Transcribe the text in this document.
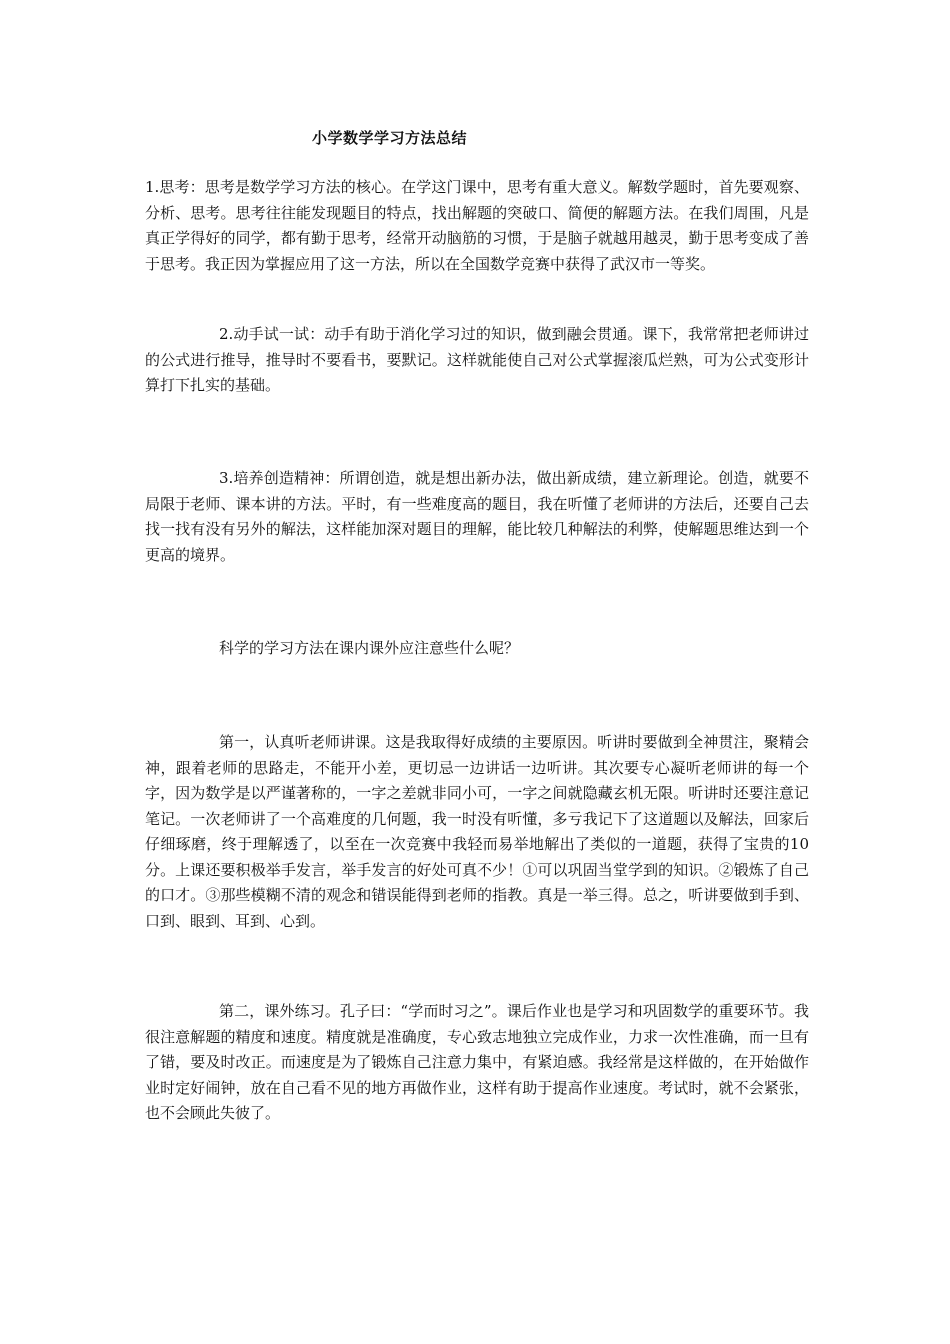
小学数学学习方法总结

1.思考：思考是数学学习方法的核心。在学这门课中，思考有重大意义。解数学题时，首先要观察、分析、思考。思考往往能发现题目的特点，找出解题的突破口、简便的解题方法。在我们周围，凡是真正学得好的同学，都有勤于思考，经常开动脑筋的习惯，于是脑子就越用越灵，勤于思考变成了善于思考。我正因为掌握应用了这一方法，所以在全国数学竞赛中获得了武汉市一等奖。

2.动手试一试：动手有助于消化学习过的知识，做到融会贯通。课下，我常常把老师讲过的公式进行推导，推导时不要看书，要默记。这样就能使自己对公式掌握滚瓜烂熟，可为公式变形计算打下扎实的基础。

3.培养创造精神：所谓创造，就是想出新办法，做出新成绩，建立新理论。创造，就要不局限于老师、课本讲的方法。平时，有一些难度高的题目，我在听懂了老师讲的方法后，还要自己去找一找有没有另外的解法，这样能加深对题目的理解，能比较几种解法的利弊，使解题思维达到一个更高的境界。

科学的学习方法在课内课外应注意些什么呢？

第一，认真听老师讲课。这是我取得好成绩的主要原因。听讲时要做到全神贯注，聚精会神，跟着老师的思路走，不能开小差，更切忌一边讲话一边听讲。其次要专心凝听老师讲的每一个字，因为数学是以严谨著称的，一字之差就非同小可，一字之间就隐藏玄机无限。听讲时还要注意记笔记。一次老师讲了一个高难度的几何题，我一时没有听懂，多亏我记下了这道题以及解法，回家后仔细琢磨，终于理解透了，以至在一次竞赛中我轻而易举地解出了类似的一道题，获得了宝贵的10分。上课还要积极举手发言，举手发言的好处可真不少！①可以巩固当堂学到的知识。②锻炼了自己的口才。③那些模糊不清的观念和错误能得到老师的指教。真是一举三得。总之，听讲要做到手到、口到、眼到、耳到、心到。

第二，课外练习。孔子曰：“学而时习之”。课后作业也是学习和巩固数学的重要环节。我很注意解题的精度和速度。精度就是准确度，专心致志地独立完成作业，力求一次性准确，而一旦有了错，要及时改正。而速度是为了锻炼自己注意力集中，有紧迫感。我经常是这样做的，在开始做作业时定好闹钟，放在自己看不见的地方再做作业，这样有助于提高作业速度。考试时，就不会紧张，也不会顾此失彼了。
